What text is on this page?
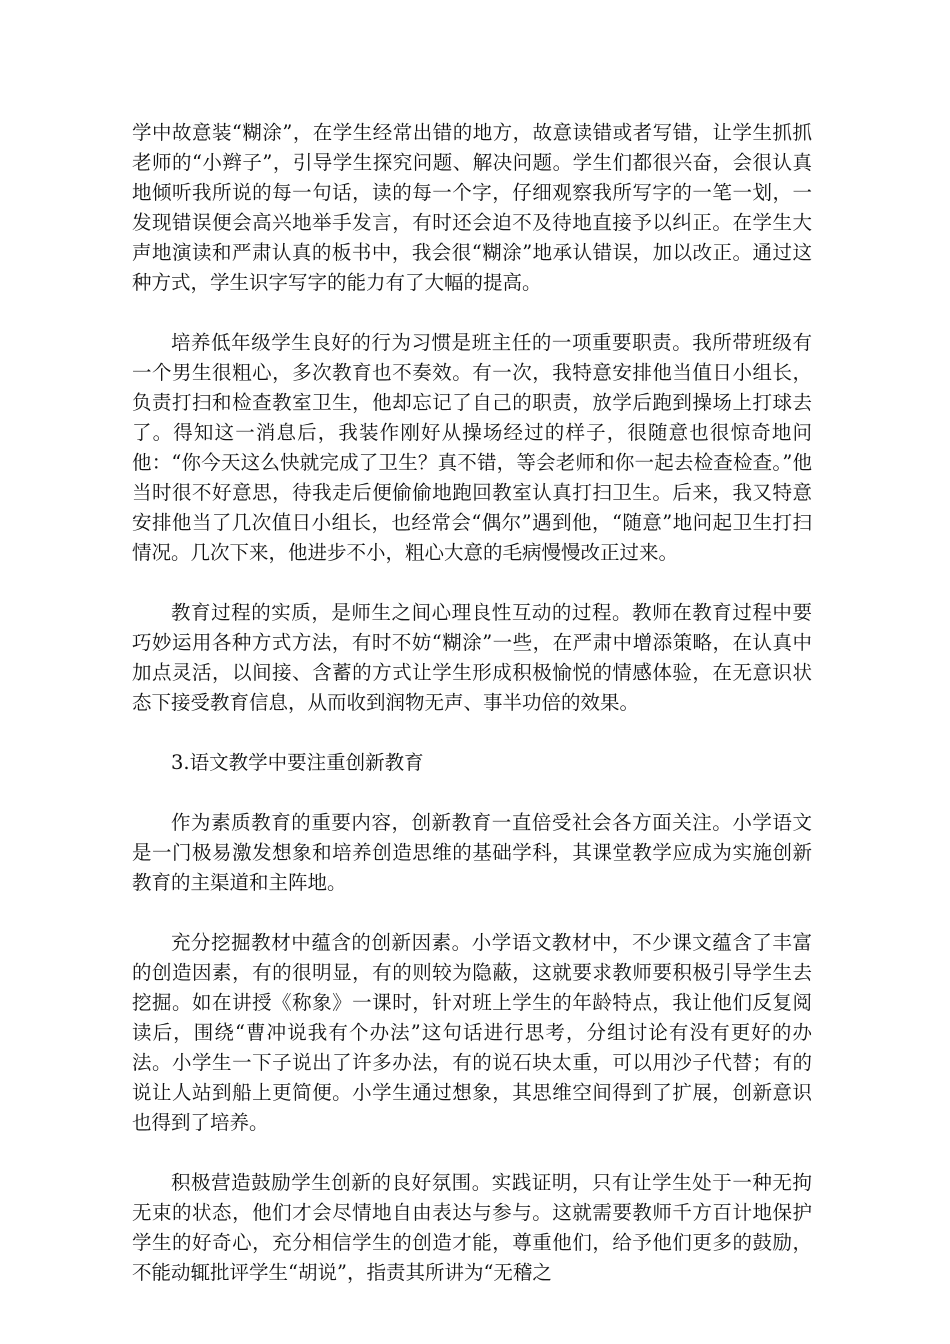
学中故意装“糊涂”，在学生经常出错的地方，故意读错或者写错，让学生抓抓老师的“小辫子”，引导学生探究问题、解决问题。学生们都很兴奋，会很认真地倾听我所说的每一句话，读的每一个字，仔细观察我所写字的一笔一划，一发现错误便会高兴地举手发言，有时还会迫不及待地直接予以纠正。在学生大声地演读和严肃认真的板书中，我会很“糊涂”地承认错误，加以改正。通过这种方式，学生识字写字的能力有了大幅的提高。

培养低年级学生良好的行为习惯是班主任的一项重要职责。我所带班级有一个男生很粗心，多次教育也不奏效。有一次，我特意安排他当值日小组长，负责打扫和检查教室卫生，他却忘记了自己的职责，放学后跑到操场上打球去了。得知这一消息后，我装作刚好从操场经过的样子，很随意也很惊奇地问他：“你今天这么快就完成了卫生？真不错，等会老师和你一起去检查检查。”他当时很不好意思，待我走后便偷偷地跑回教室认真打扫卫生。后来，我又特意安排他当了几次值日小组长，也经常会“偶尔”遇到他，“随意”地问起卫生打扫情况。几次下来，他进步不小，粗心大意的毛病慢慢改正过来。

教育过程的实质，是师生之间心理良性互动的过程。教师在教育过程中要巧妙运用各种方式方法，有时不妨“糊涂”一些，在严肃中增添策略，在认真中加点灵活，以间接、含蓄的方式让学生形成积极愉悦的情感体验，在无意识状态下接受教育信息，从而收到润物无声、事半功倍的效果。

3.语文教学中要注重创新教育

作为素质教育的重要内容，创新教育一直倍受社会各方面关注。小学语文是一门极易激发想象和培养创造思维的基础学科，其课堂教学应成为实施创新教育的主渠道和主阵地。

充分挖掘教材中蕴含的创新因素。小学语文教材中，不少课文蕴含了丰富的创造因素，有的很明显，有的则较为隐蔽，这就要求教师要积极引导学生去挖掘。如在讲授《称象》一课时，针对班上学生的年龄特点，我让他们反复阅读后，围绕“曹冲说我有个办法”这句话进行思考，分组讨论有没有更好的办法。小学生一下子说出了许多办法，有的说石块太重，可以用沙子代替；有的说让人站到船上更简便。小学生通过想象，其思维空间得到了扩展，创新意识也得到了培养。

积极营造鼓励学生创新的良好氛围。实践证明，只有让学生处于一种无拘无束的状态，他们才会尽情地自由表达与参与。这就需要教师千方百计地保护学生的好奇心，充分相信学生的创造才能，尊重他们，给予他们更多的鼓励，不能动辄批评学生“胡说”，指责其所讲为“无稽之
